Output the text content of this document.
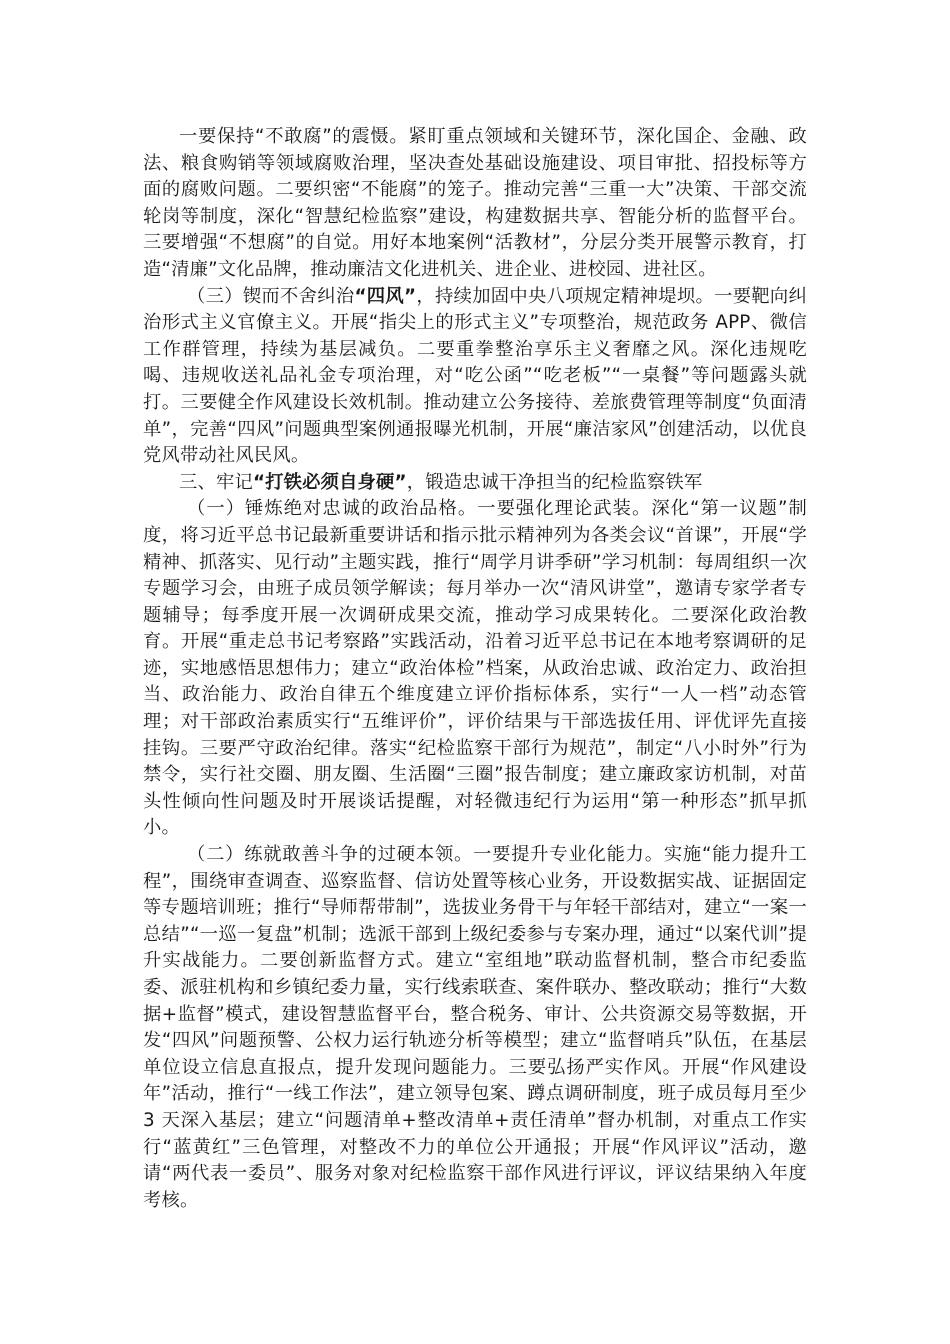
一要保持“不敢腐”的震慑。紧盯重点领域和关键环节，深化国企、金融、政法、粮食购销等领域腐败治理，坚决查处基础设施建设、项目审批、招投标等方面的腐败问题。二要织密“不能腐”的笼子。推动完善“三重一大”决策、干部交流轮岗等制度，深化“智慧纪检监察”建设，构建数据共享、智能分析的监督平台。三要增强“不想腐”的自觉。用好本地案例“活教材”，分层分类开展警示教育，打造“清廉”文化品牌，推动廉洁文化进机关、进企业、进校园、进社区。

（三）锲而不舍纠治“四风”，持续加固中央八项规定精神堤坝。一要靶向纠治形式主义官僚主义。开展“指尖上的形式主义”专项整治，规范政务 APP、微信工作群管理，持续为基层减负。二要重拳整治享乐主义奢靡之风。深化违规吃喝、违规收送礼品礼金专项治理，对“吃公函”“吃老板”“一桌餐”等问题露头就打。三要健全作风建设长效机制。推动建立公务接待、差旅费管理等制度“负面清单”，完善“四风”问题典型案例通报曝光机制，开展“廉洁家风”创建活动，以优良党风带动社风民风。

三、牢记“打铁必须自身硬”，锻造忠诚干净担当的纪检监察铁军

（一）锤炼绝对忠诚的政治品格。一要强化理论武装。深化“第一议题”制度，将习近平总书记最新重要讲话和指示批示精神列为各类会议“首课”，开展“学精神、抓落实、见行动”主题实践，推行“周学月讲季研”学习机制：每周组织一次专题学习会，由班子成员领学解读；每月举办一次“清风讲堂”，邀请专家学者专题辅导；每季度开展一次调研成果交流，推动学习成果转化。二要深化政治教育。开展“重走总书记考察路”实践活动，沿着习近平总书记在本地考察调研的足迹，实地感悟思想伟力；建立“政治体检”档案，从政治忠诚、政治定力、政治担当、政治能力、政治自律五个维度建立评价指标体系，实行“一人一档”动态管理；对干部政治素质实行“五维评价”，评价结果与干部选拔任用、评优评先直接挂钩。三要严守政治纪律。落实“纪检监察干部行为规范”，制定“八小时外”行为禁令，实行社交圈、朋友圈、生活圈“三圈”报告制度；建立廉政家访机制，对苗头性倾向性问题及时开展谈话提醒，对轻微违纪行为运用“第一种形态”抓早抓小。

（二）练就敢善斗争的过硬本领。一要提升专业化能力。实施“能力提升工程”，围绕审查调查、巡察监督、信访处置等核心业务，开设数据实战、证据固定等专题培训班；推行“导师帮带制”，选拔业务骨干与年轻干部结对，建立“一案一总结”“一巡一复盘”机制；选派干部到上级纪委参与专案办理，通过“以案代训”提升实战能力。二要创新监督方式。建立“室组地”联动监督机制，整合市纪委监委、派驻机构和乡镇纪委力量，实行线索联查、案件联办、整改联动；推行“大数据+监督”模式，建设智慧监督平台，整合税务、审计、公共资源交易等数据，开发“四风”问题预警、公权力运行轨迹分析等模型；建立“监督哨兵”队伍，在基层单位设立信息直报点，提升发现问题能力。三要弘扬严实作风。开展“作风建设年”活动，推行“一线工作法”，建立领导包案、蹲点调研制度，班子成员每月至少 3 天深入基层；建立“问题清单+整改清单+责任清单”督办机制，对重点工作实行“蓝黄红”三色管理，对整改不力的单位公开通报；开展“作风评议”活动，邀请“两代表一委员”、服务对象对纪检监察干部作风进行评议，评议结果纳入年度考核。
